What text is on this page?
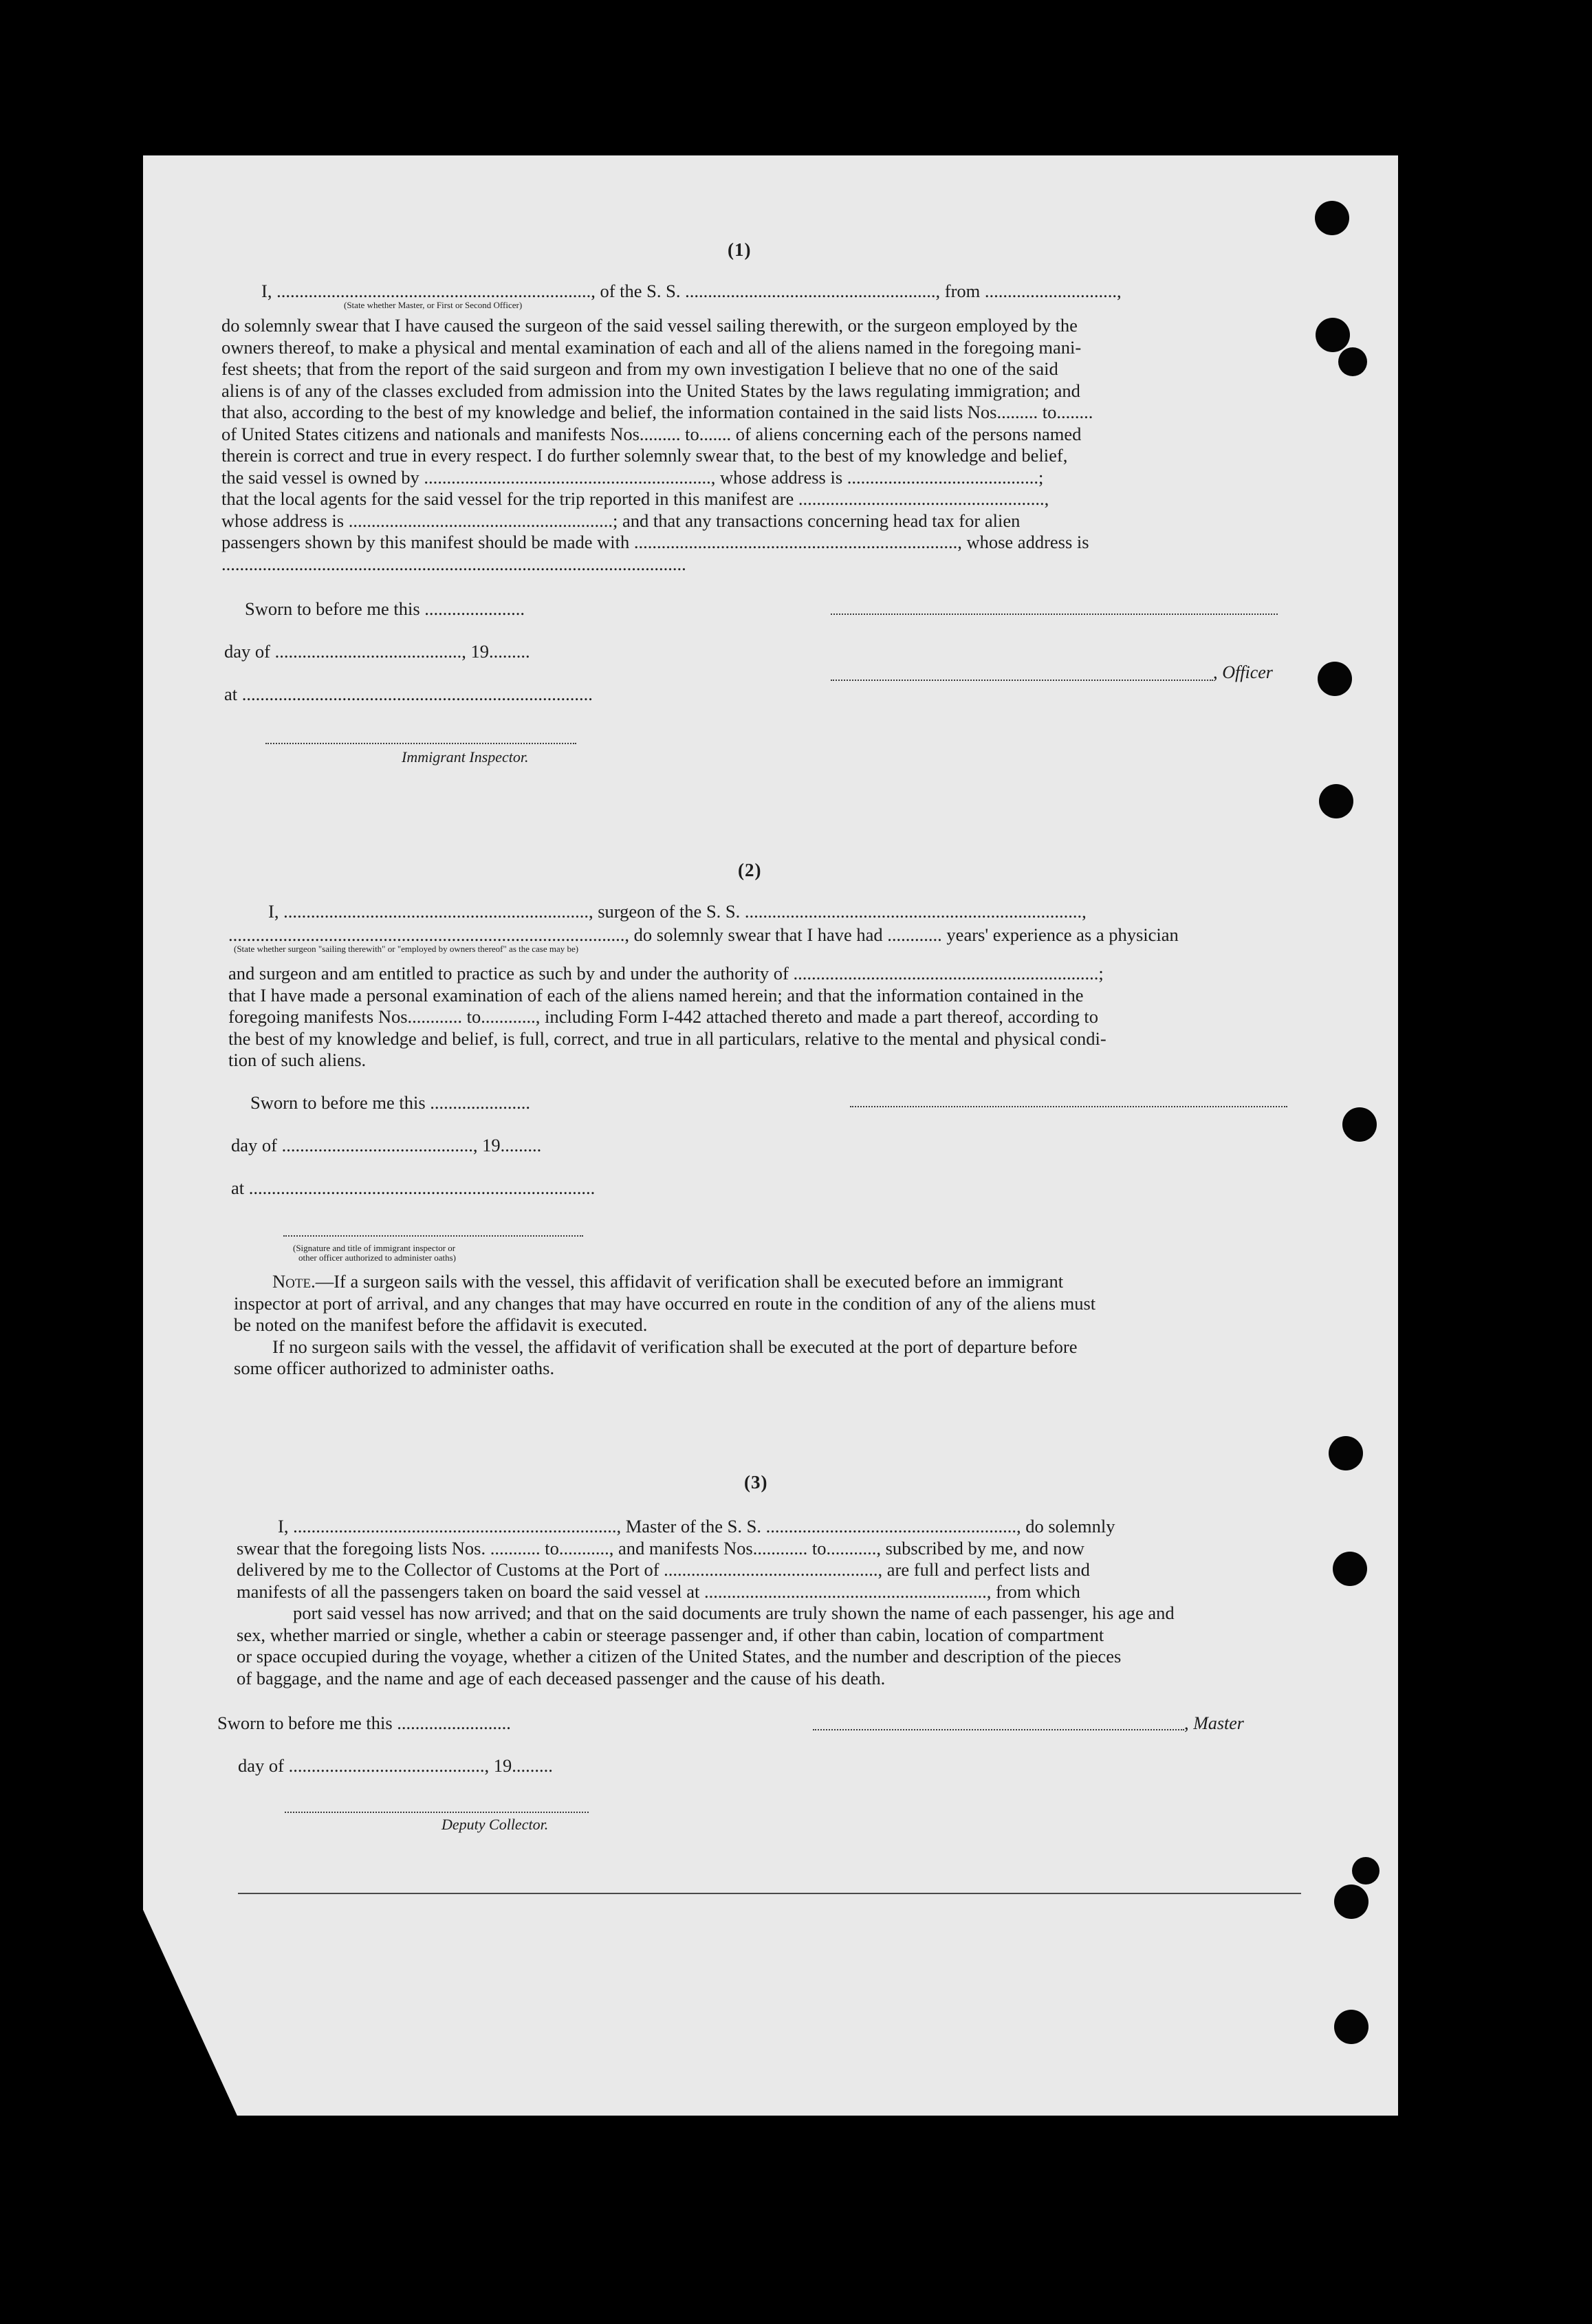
(1)
I, ....................................................................., of the S. S. ......................................................., from .............................,
(State whether Master, or First or Second Officer)
do solemnly swear that I have caused the surgeon of the said vessel sailing therewith, or the surgeon employed by the
owners thereof, to make a physical and mental examination of each and all of the aliens named in the foregoing mani-
fest sheets; that from the report of the said surgeon and from my own investigation I believe that no one of the said
aliens is of any of the classes excluded from admission into the United States by the laws regulating immigration; and
that also, according to the best of my knowledge and belief, the information contained in the said lists Nos......... to........
of United States citizens and nationals and manifests Nos......... to....... of aliens concerning each of the persons named
therein is correct and true in every respect. I do further solemnly swear that, to the best of my knowledge and belief,
the said vessel is owned by ..............................................................., whose address is ..........................................;
that the local agents for the said vessel for the trip reported in this manifest are ......................................................,
whose address is ..........................................................; and that any transactions concerning head tax for alien
passengers shown by this manifest should be made with ......................................................................., whose address is
......................................................................................................
Sworn to before me this ......................
day of ........................................., 19.........
, Officer
at .............................................................................
Immigrant Inspector.
(2)
I, ..................................................................., surgeon of the S. S. ..........................................................................,
......................................................................................., do solemnly swear that I have had ............ years' experience as a physician
(State whether surgeon "sailing therewith" or "employed by owners thereof" as the case may be)
and surgeon and am entitled to practice as such by and under the authority of ...................................................................;
that I have made a personal examination of each of the aliens named herein; and that the information contained in the
foregoing manifests Nos............ to............, including Form I-442 attached thereto and made a part thereof, according to
the best of my knowledge and belief, is full, correct, and true in all particulars, relative to the mental and physical condi-
tion of such aliens.
Sworn to before me this ......................
day of .........................................., 19.........
at ............................................................................
(Signature and title of immigrant inspector or
other officer authorized to administer oaths)
Note.—If a surgeon sails with the vessel, this affidavit of verification shall be executed before an immigrant
inspector at port of arrival, and any changes that may have occurred en route in the condition of any of the aliens must
be noted on the manifest before the affidavit is executed.
If no surgeon sails with the vessel, the affidavit of verification shall be executed at the port of departure before
some officer authorized to administer oaths.
(3)
I, ......................................................................., Master of the S. S. ......................................................., do solemnly
swear that the foregoing lists Nos. ........... to..........., and manifests Nos............ to..........., subscribed by me, and now
delivered by me to the Collector of Customs at the Port of ..............................................., are full and perfect lists and
manifests of all the passengers taken on board the said vessel at .............................................................., from which
port said vessel has now arrived; and that on the said documents are truly shown the name of each passenger, his age and
sex, whether married or single, whether a cabin or steerage passenger and, if other than cabin, location of compartment
or space occupied during the voyage, whether a citizen of the United States, and the number and description of the pieces
of baggage, and the name and age of each deceased passenger and the cause of his death.
Sworn to before me this .........................	, Master
day of ..........................................., 19.........
Deputy Collector.
